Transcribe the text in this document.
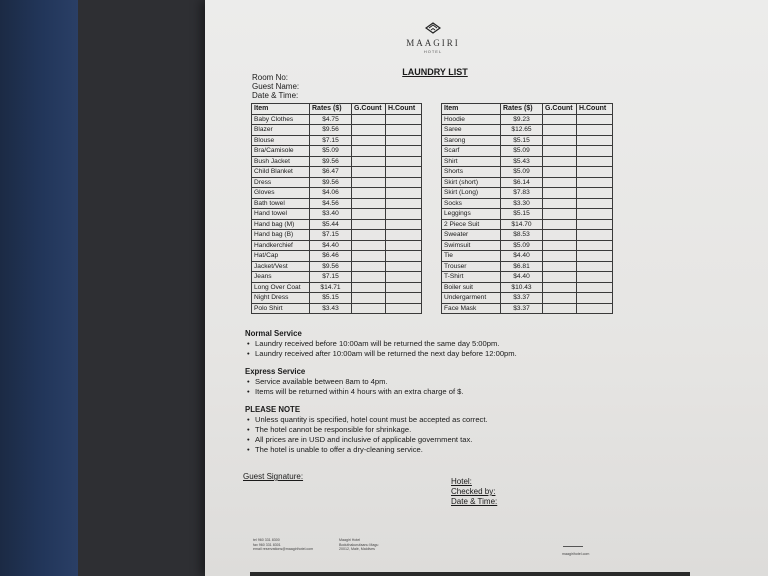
MAAGIRI
HOTEL
LAUNDRY LIST
Room No:
Guest Name:
Date & Time:
Item	Rates ($)	G.Count	H.Count
Baby Clothes	$4.75		
Blazer	$9.56		
Blouse	$7.15		
Bra/Camisole	$5.09		
Bush Jacket	$9.56		
Child Blanket	$6.47		
Dress	$9.56		
Gloves	$4.06		
Bath towel	$4.56		
Hand towel	$3.40		
Hand bag (M)	$5.44		
Hand bag (B)	$7.15		
Handkerchief	$4.40		
Hat/Cap	$6.46		
Jacket/Vest	$9.56		
Jeans	$7.15		
Long Over Coat	$14.71		
Night Dress	$5.15		
Polo Shirt	$3.43		
Item	Rates ($)	G.Count	H.Count
Hoodie	$9.23		
Saree	$12.65		
Sarong	$5.15		
Scarf	$5.09		
Shirt	$5.43		
Shorts	$5.09		
Skirt (short)	$6.14		
Skirt (Long)	$7.83		
Socks	$3.30		
Leggings	$5.15		
2 Piece Suit	$14.70		
Sweater	$8.53		
Swimsuit	$5.09		
Tie	$4.40		
Trouser	$6.81		
T-Shirt	$4.40		
Boiler suit	$10.43		
Undergarment	$3.37		
Face Mask	$3.37		
Normal Service
• Laundry received before 10:00am will be returned the same day 5:00pm.
• Laundry received after 10:00am will be returned the next day before 12:00pm.
Express Service
• Service available between 8am to 4pm.
• Items will be returned within 4 hours with an extra charge of $.
PLEASE NOTE
• Unless quantity is specified, hotel count must be accepted as correct.
• The hotel cannot be responsible for shrinkage.
• All prices are in USD and inclusive of applicable government tax.
• The hotel is unable to offer a dry-cleaning service.
Guest Signature:
Hotel:
Checked by:
Date & Time:
tel 960 331 8300
fax 960 331 8301
email reservations@maagirihotel.com
Maagiri Hotel
Boduthakurufaanu Magu
20012, Malé, Maldives
maagirihotel.com
